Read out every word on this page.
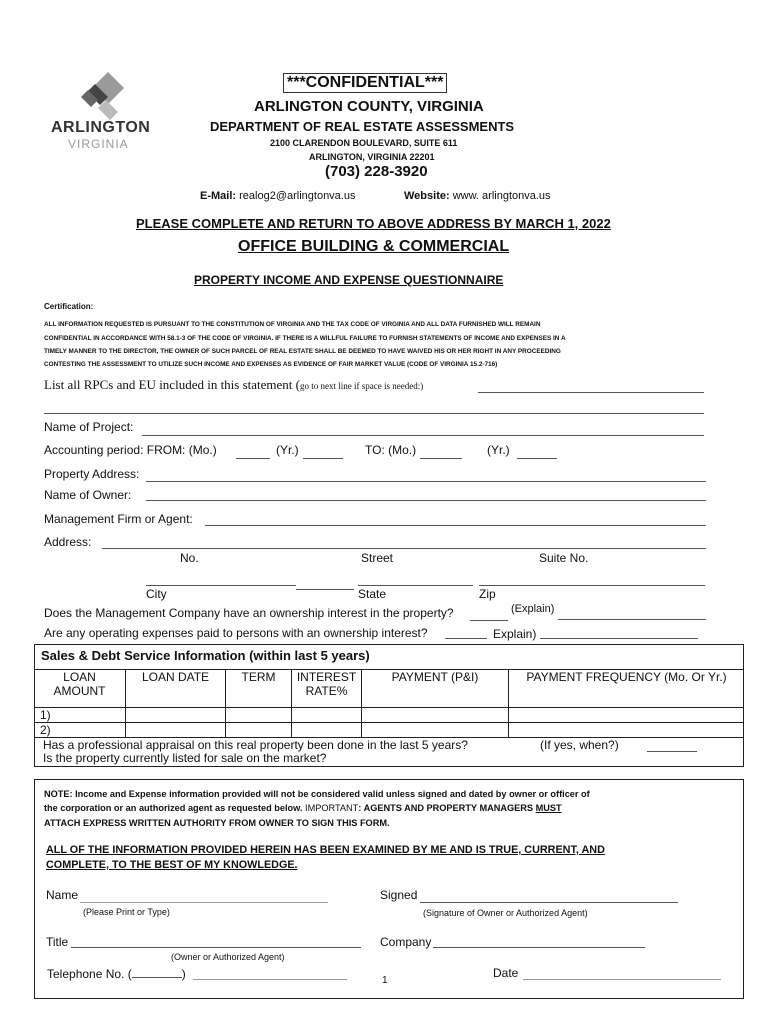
ARLINGTON
VIRGINIA
***CONFIDENTIAL***
ARLINGTON COUNTY, VIRGINIA
DEPARTMENT OF REAL ESTATE ASSESSMENTS
2100 CLARENDON BOULEVARD, SUITE 611
ARLINGTON, VIRGINIA 22201
(703) 228-3920
E-Mail: realog2@arlingtonva.us	Website: www. arlingtonva.us
PLEASE COMPLETE AND RETURN TO ABOVE ADDRESS BY MARCH 1, 2022
OFFICE BUILDING & COMMERCIAL
PROPERTY INCOME AND EXPENSE QUESTIONNAIRE
Certification:
ALL INFORMATION REQUESTED IS PURSUANT TO THE CONSTITUTION OF VIRGINIA AND THE TAX CODE OF VIRGINIA AND ALL DATA FURNISHED WILL REMAIN
CONFIDENTIAL IN ACCORDANCE WITH 58.1-3 OF THE CODE OF VIRGINIA. IF THERE IS A WILLFUL FAILURE TO FURNISH STATEMENTS OF INCOME AND EXPENSES IN A
TIMELY MANNER TO THE DIRECTOR, THE OWNER OF SUCH PARCEL OF REAL ESTATE SHALL BE DEEMED TO HAVE WAIVED HIS OR HER RIGHT IN ANY PROCEEDING
CONTESTING THE ASSESSMENT TO UTILIZE SUCH INCOME AND EXPENSES AS EVIDENCE OF FAIR MARKET VALUE (CODE OF VIRGINIA 15.2-716)
List all RPCs and EU included in this statement (go to next line if space is needed:)
Name of Project:
Accounting period: FROM: (Mo.)	(Yr.)	TO: (Mo.)	(Yr.)
Property Address:
Name of Owner:
Management Firm or Agent:
Address:
No.	Street	Suite No.
City	State	Zip
Does the Management Company have an ownership interest in the property?	(Explain)
Are any operating expenses paid to persons with an ownership interest?	Explain)
Sales & Debt Service Information (within last 5 years)
LOAN AMOUNT	LOAN DATE	TERM	INTEREST RATE%	PAYMENT (P&I)	PAYMENT FREQUENCY (Mo. Or Yr.)
1)					
2)					
Has a professional appraisal on this real property been done in the last 5 years?	(If yes, when?)
Is the property currently listed for sale on the market?
NOTE: Income and Expense information provided will not be considered valid unless signed and dated by owner or officer of
the corporation or an authorized agent as requested below. IMPORTANT: AGENTS AND PROPERTY MANAGERS MUST
ATTACH EXPRESS WRITTEN AUTHORITY FROM OWNER TO SIGN THIS FORM.
ALL OF THE INFORMATION PROVIDED HEREIN HAS BEEN EXAMINED BY ME AND IS TRUE, CURRENT, AND
COMPLETE, TO THE BEST OF MY KNOWLEDGE.
Name
(Please Print or Type)
Signed
(Signature of Owner or Authorized Agent)
Title
(Owner or Authorized Agent)
Company
Telephone No. (	)	Date
1
